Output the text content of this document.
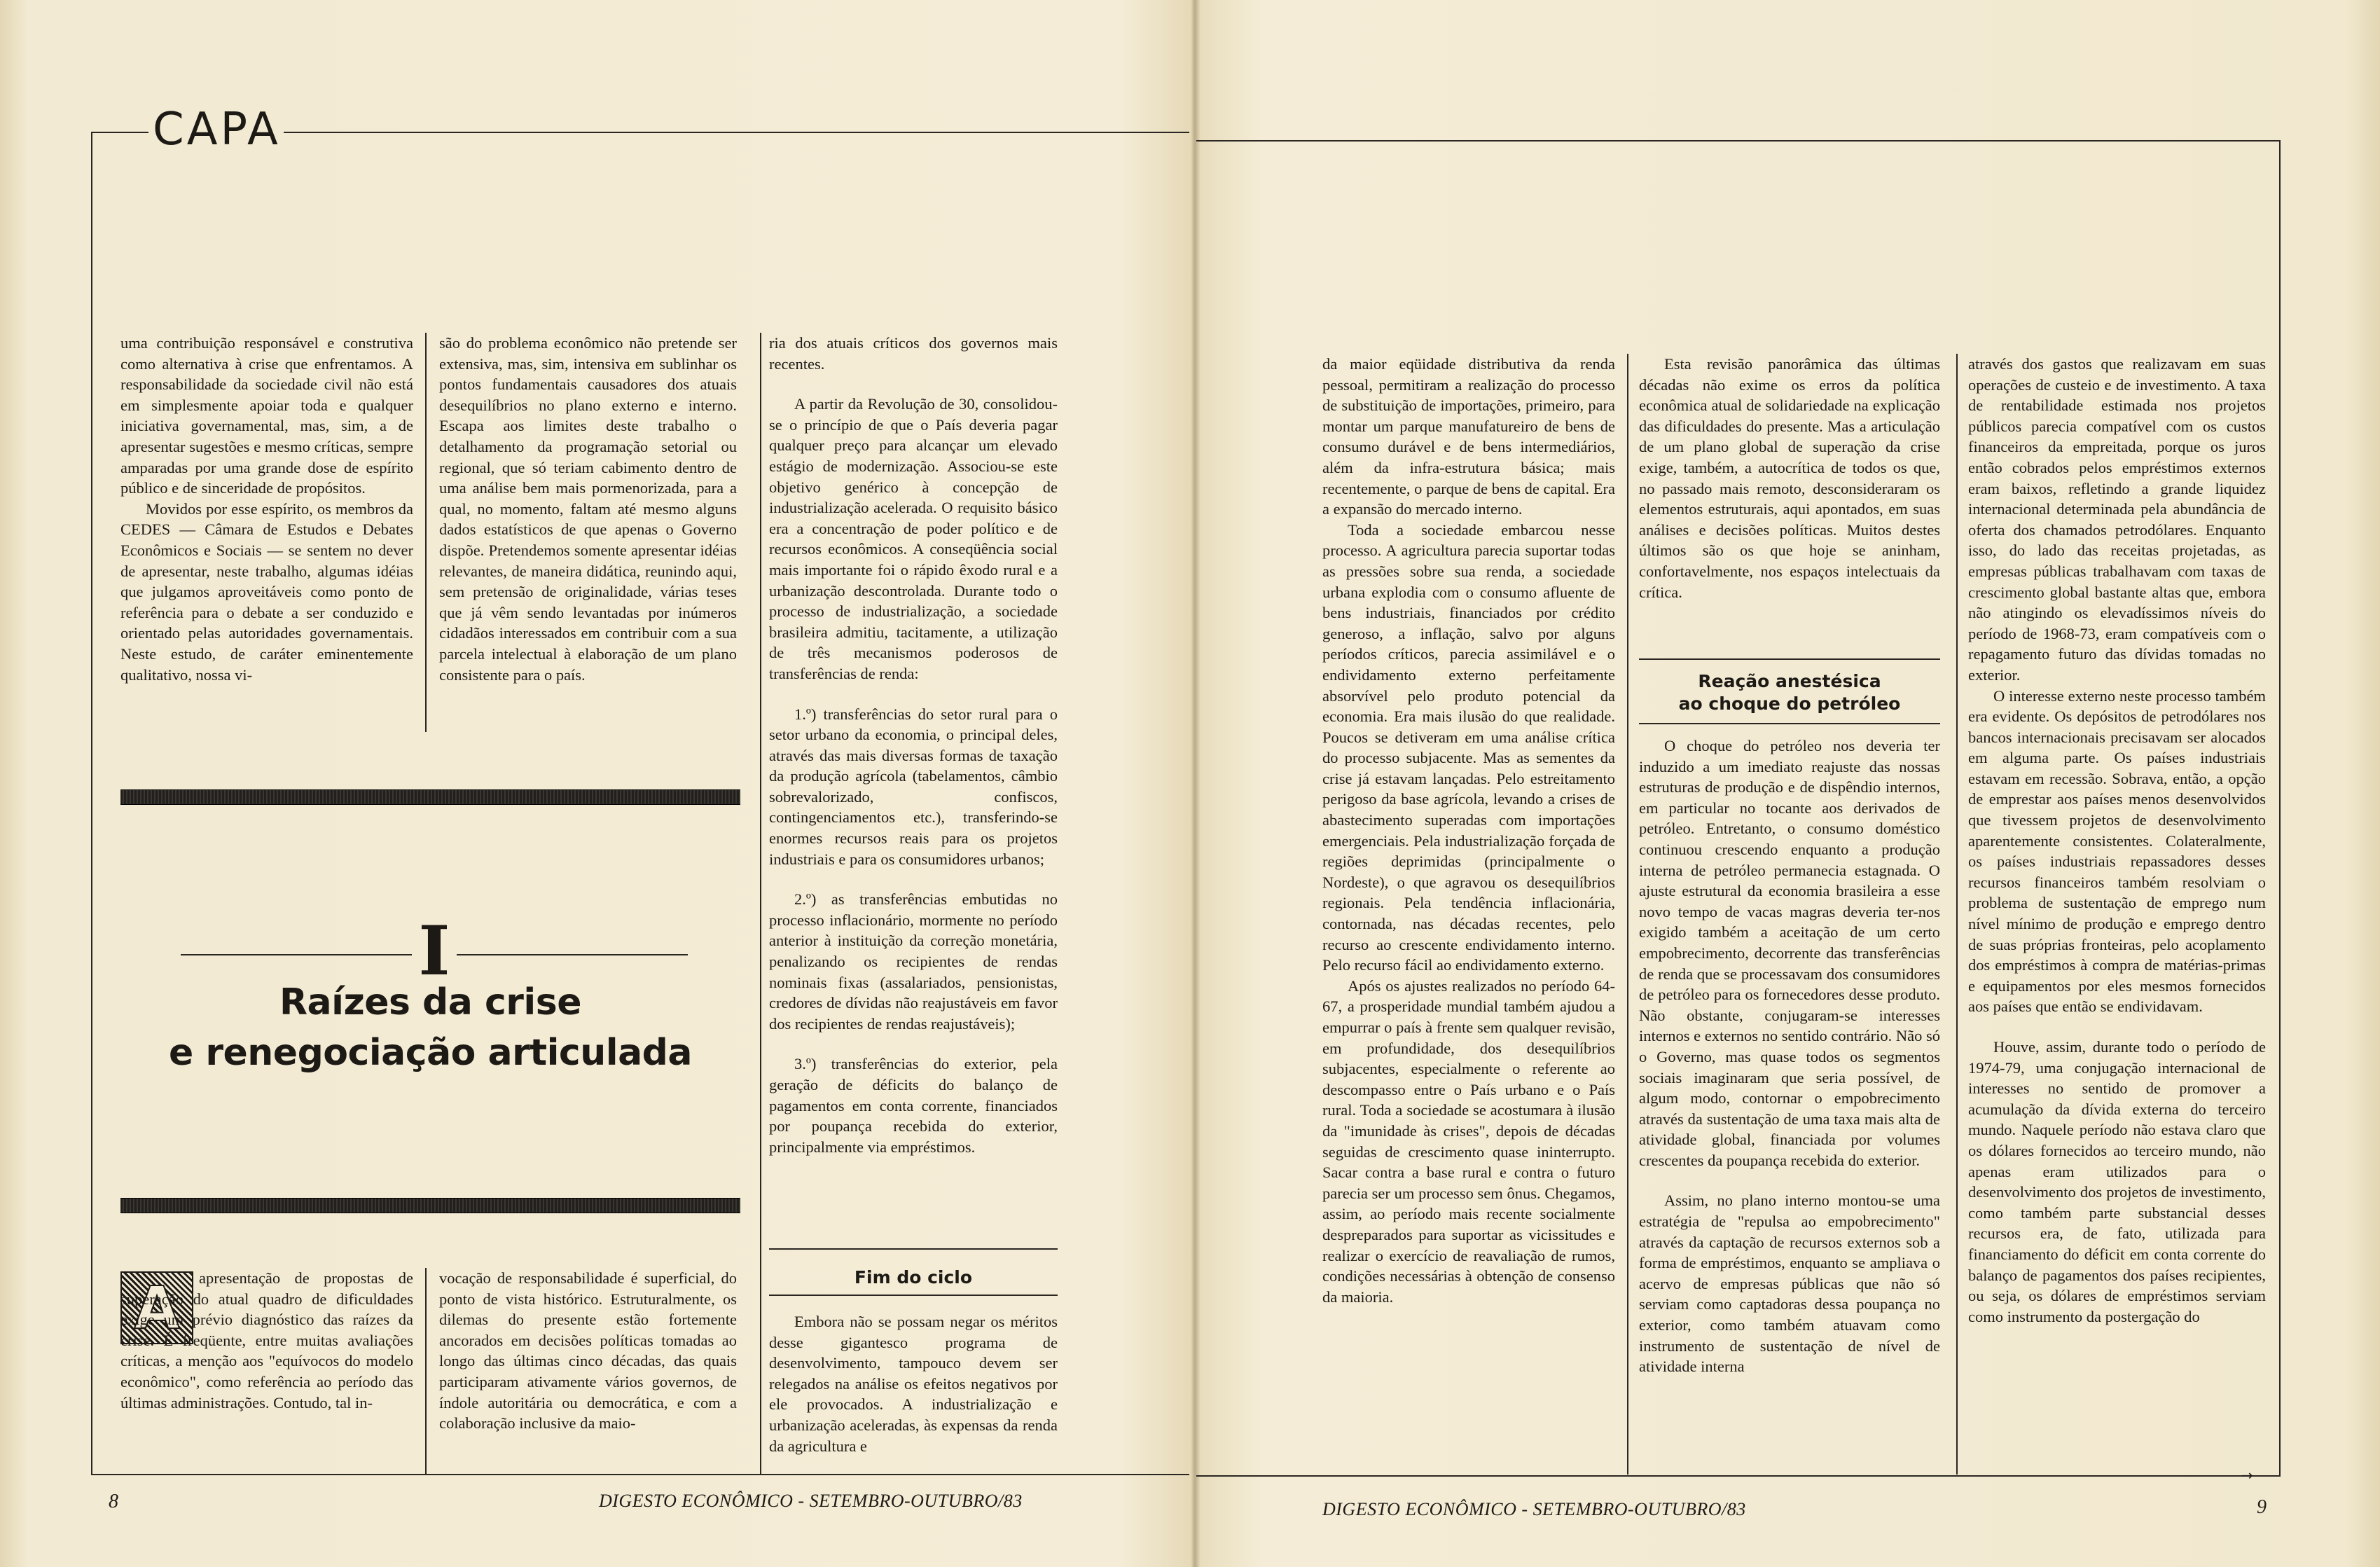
CAPA

uma contribuição responsável e construtiva como alternativa à crise que enfrentamos. A responsabilidade da sociedade civil não está em simplesmente apoiar toda e qualquer iniciativa governamental, mas, sim, a de apresentar sugestões e mesmo críticas, sempre amparadas por uma grande dose de espírito público e de sinceridade de propósitos.

Movidos por esse espírito, os membros da CEDES — Câmara de Estudos e Debates Econômicos e Sociais — se sentem no dever de apresentar, neste trabalho, algumas idéias que julgamos aproveitáveis como ponto de referência para o debate a ser conduzido e orientado pelas autoridades governamentais. Neste estudo, de caráter eminentemente qualitativo, nossa vi-

são do problema econômico não pretende ser extensiva, mas, sim, intensiva em sublinhar os pontos fundamentais causadores dos atuais desequilíbrios no plano externo e interno. Escapa aos limites deste trabalho o detalhamento da programação setorial ou regional, que só teriam cabimento dentro de uma análise bem mais pormenorizada, para a qual, no momento, faltam até mesmo alguns dados estatísticos de que apenas o Governo dispõe. Pretendemos somente apresentar idéias relevantes, de maneira didática, reunindo aqui, sem pretensão de originalidade, várias teses que já vêm sendo levantadas por inúmeros cidadãos interessados em contribuir com a sua parcela intelectual à elaboração de um plano consistente para o país.

I
Raízes da crise
e renegociação articulada
A	apresentação de propostas de superação do atual quadro de dificuldades exige um prévio diagnóstico das raízes da crise. É freqüente, entre muitas avaliações críticas, a menção aos "equívocos do modelo econômico", como referência ao período das últimas administrações. Contudo, tal in-

vocação de responsabilidade é superficial, do ponto de vista histórico. Estruturalmente, os dilemas do presente estão fortemente ancorados em decisões políticas tomadas ao longo das últimas cinco décadas, das quais participaram ativamente vários governos, de índole autoritária ou democrática, e com a colaboração inclusive da maio-

ria dos atuais críticos dos governos mais recentes.

A partir da Revolução de 30, consolidou-se o princípio de que o País deveria pagar qualquer preço para alcançar um elevado estágio de modernização. Associou-se este objetivo genérico à concepção de industrialização acelerada. O requisito básico era a concentração de poder político e de recursos econômicos. A conseqüência social mais importante foi o rápido êxodo rural e a urbanização descontrolada. Durante todo o processo de industrialização, a sociedade brasileira admitiu, tacitamente, a utilização de três mecanismos poderosos de transferências de renda:

1.º) transferências do setor rural para o setor urbano da economia, o principal deles, através das mais diversas formas de taxação da produção agrícola (tabelamentos, câmbio sobrevalorizado, confiscos, contingenciamentos etc.), transferindo-se enormes recursos reais para os projetos industriais e para os consumidores urbanos;

2.º) as transferências embutidas no processo inflacionário, mormente no período anterior à instituição da correção monetária, penalizando os recipientes de rendas nominais fixas (assalariados, pensionistas, credores de dívidas não reajustáveis em favor dos recipientes de rendas reajustáveis);

3.º) transferências do exterior, pela geração de déficits do balanço de pagamentos em conta corrente, financiados por poupança recebida do exterior, principalmente via empréstimos.

Fim do ciclo

Embora não se possam negar os méritos desse gigantesco programa de desenvolvimento, tampouco devem ser relegados na análise os efeitos negativos por ele provocados. A industrialização e urbanização aceleradas, às expensas da renda da agricultura e

8	DIGESTO ECONÔMICO - SETEMBRO-OUTUBRO/83

da maior eqüidade distributiva da renda pessoal, permitiram a realização do processo de substituição de importações, primeiro, para montar um parque manufatureiro de bens de consumo durável e de bens intermediários, além da infra-estrutura básica; mais recentemente, o parque de bens de capital. Era a expansão do mercado interno.

Toda a sociedade embarcou nesse processo. A agricultura parecia suportar todas as pressões sobre sua renda, a sociedade urbana explodia com o consumo afluente de bens industriais, financiados por crédito generoso, a inflação, salvo por alguns períodos críticos, parecia assimilável e o endividamento externo perfeitamente absorvível pelo produto potencial da economia. Era mais ilusão do que realidade. Poucos se detiveram em uma análise crítica do processo subjacente. Mas as sementes da crise já estavam lançadas. Pelo estreitamento perigoso da base agrícola, levando a crises de abastecimento superadas com importações emergenciais. Pela industrialização forçada de regiões deprimidas (principalmente o Nordeste), o que agravou os desequilíbrios regionais. Pela tendência inflacionária, contornada, nas décadas recentes, pelo recurso ao crescente endividamento interno. Pelo recurso fácil ao endividamento externo.

Após os ajustes realizados no período 64-67, a prosperidade mundial também ajudou a empurrar o país à frente sem qualquer revisão, em profundidade, dos desequilíbrios subjacentes, especialmente o referente ao descompasso entre o País urbano e o País rural. Toda a sociedade se acostumara à ilusão da "imunidade às crises", depois de décadas seguidas de crescimento quase ininterrupto. Sacar contra a base rural e contra o futuro parecia ser um processo sem ônus. Chegamos, assim, ao período mais recente socialmente despreparados para suportar as vicissitudes e realizar o exercício de reavaliação de rumos, condições necessárias à obtenção de consenso da maioria.

Esta revisão panorâmica das últimas décadas não exime os erros da política econômica atual de solidariedade na explicação das dificuldades do presente. Mas a articulação de um plano global de superação da crise exige, também, a autocrítica de todos os que, no passado mais remoto, desconsideraram os elementos estruturais, aqui apontados, em suas análises e decisões políticas. Muitos destes últimos são os que hoje se aninham, confortavelmente, nos espaços intelectuais da crítica.

Reação anestésica
ao choque do petróleo

O choque do petróleo nos deveria ter induzido a um imediato reajuste das nossas estruturas de produção e de dispêndio internos, em particular no tocante aos derivados de petróleo. Entretanto, o consumo doméstico continuou crescendo enquanto a produção interna de petróleo permanecia estagnada. O ajuste estrutural da economia brasileira a esse novo tempo de vacas magras deveria ter-nos exigido também a aceitação de um certo empobrecimento, decorrente das transferências de renda que se processavam dos consumidores de petróleo para os fornecedores desse produto. Não obstante, conjugaram-se interesses internos e externos no sentido contrário. Não só o Governo, mas quase todos os segmentos sociais imaginaram que seria possível, de algum modo, contornar o empobrecimento através da sustentação de uma taxa mais alta de atividade global, financiada por volumes crescentes da poupança recebida do exterior.

Assim, no plano interno montou-se uma estratégia de "repulsa ao empobrecimento" através da captação de recursos externos sob a forma de empréstimos, enquanto se ampliava o acervo de empresas públicas que não só serviam como captadoras dessa poupança no exterior, como também atuavam como instrumento de sustentação de nível de atividade interna

através dos gastos que realizavam em suas operações de custeio e de investimento. A taxa de rentabilidade estimada nos projetos públicos parecia compatível com os custos financeiros da empreitada, porque os juros então cobrados pelos empréstimos externos eram baixos, refletindo a grande liquidez internacional determinada pela abundância de oferta dos chamados petrodólares. Enquanto isso, do lado das receitas projetadas, as empresas públicas trabalhavam com taxas de crescimento global bastante altas que, embora não atingindo os elevadíssimos níveis do período de 1968-73, eram compatíveis com o repagamento futuro das dívidas tomadas no exterior.

O interesse externo neste processo também era evidente. Os depósitos de petrodólares nos bancos internacionais precisavam ser alocados em alguma parte. Os países industriais estavam em recessão. Sobrava, então, a opção de emprestar aos países menos desenvolvidos que tivessem projetos de desenvolvimento aparentemente consistentes. Colateralmente, os países industriais repassadores desses recursos financeiros também resolviam o problema de sustentação de emprego num nível mínimo de produção e emprego dentro de suas próprias fronteiras, pelo acoplamento dos empréstimos à compra de matérias-primas e equipamentos por eles mesmos fornecidos aos países que então se endividavam.

Houve, assim, durante todo o período de 1974-79, uma conjugação internacional de interesses no sentido de promover a acumulação da dívida externa do terceiro mundo. Naquele período não estava claro que os dólares fornecidos ao terceiro mundo, não apenas eram utilizados para o desenvolvimento dos projetos de investimento, como também parte substancial desses recursos era, de fato, utilizada para financiamento do déficit em conta corrente do balanço de pagamentos dos países recipientes, ou seja, os dólares de empréstimos serviam como instrumento da postergação do

→
DIGESTO ECONÔMICO - SETEMBRO-OUTUBRO/83	9
